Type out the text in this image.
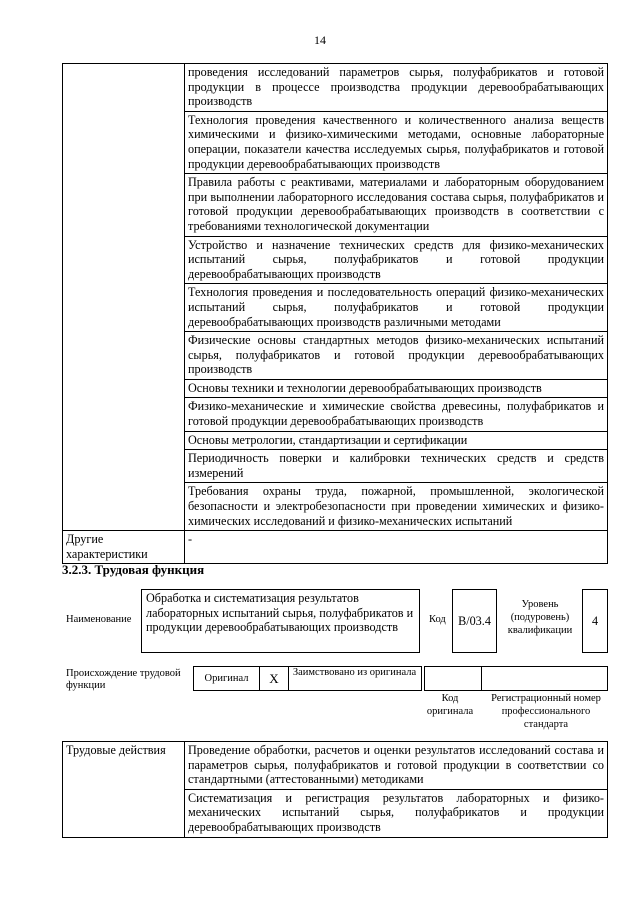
14
	проведения исследований параметров сырья, полуфабрикатов и готовой продукции в процессе производства продукции деревообрабатывающих производств
	Технология проведения качественного и количественного анализа веществ химическими и физико-химическими методами, основные лабораторные операции, показатели качества исследуемых сырья, полуфабрикатов и готовой продукции деревообрабатывающих производств
	Правила работы с реактивами, материалами и лабораторным оборудованием при выполнении лабораторного исследования состава сырья, полуфабрикатов и готовой продукции деревообрабатывающих производств в соответствии с требованиями технологической документации
	Устройство и назначение технических средств для физико-механических испытаний сырья, полуфабрикатов и готовой продукции деревообрабатывающих производств
	Технология проведения и последовательность операций физико-механических испытаний сырья, полуфабрикатов и готовой продукции деревообрабатывающих производств различными методами
	Физические основы стандартных методов физико-механических испытаний сырья, полуфабрикатов и готовой продукции деревообрабатывающих производств
	Основы техники и технологии деревообрабатывающих производств
	Физико-механические и химические свойства древесины, полуфабрикатов и готовой продукции деревообрабатывающих производств
	Основы метрологии, стандартизации и сертификации
	Периодичность поверки и калибровки технических средств и средств измерений
	Требования охраны труда, пожарной, промышленной, экологической безопасности и электробезопасности при проведении химических и физико-химических исследований и физико-механических испытаний
Другие характеристики	-
3.2.3. Трудовая функция
Наименование
Обработка и систематизация результатов лабораторных испытаний сырья, полуфабрикатов и продукции деревообрабатывающих производств
Код	B/03.4
Уровень (подуровень) квалификации
4
Происхождение трудовой функции
Оригинал	X	Заимствовано из оригинала
Код оригинала
Регистрационный номер профессионального стандарта
Трудовые действия	Проведение обработки, расчетов и оценки результатов исследований состава и параметров сырья, полуфабрикатов и готовой продукции в соответствии со стандартными (аттестованными) методиками
Систематизация и регистрация результатов лабораторных и физико-механических испытаний сырья, полуфабрикатов и продукции деревообрабатывающих производств
